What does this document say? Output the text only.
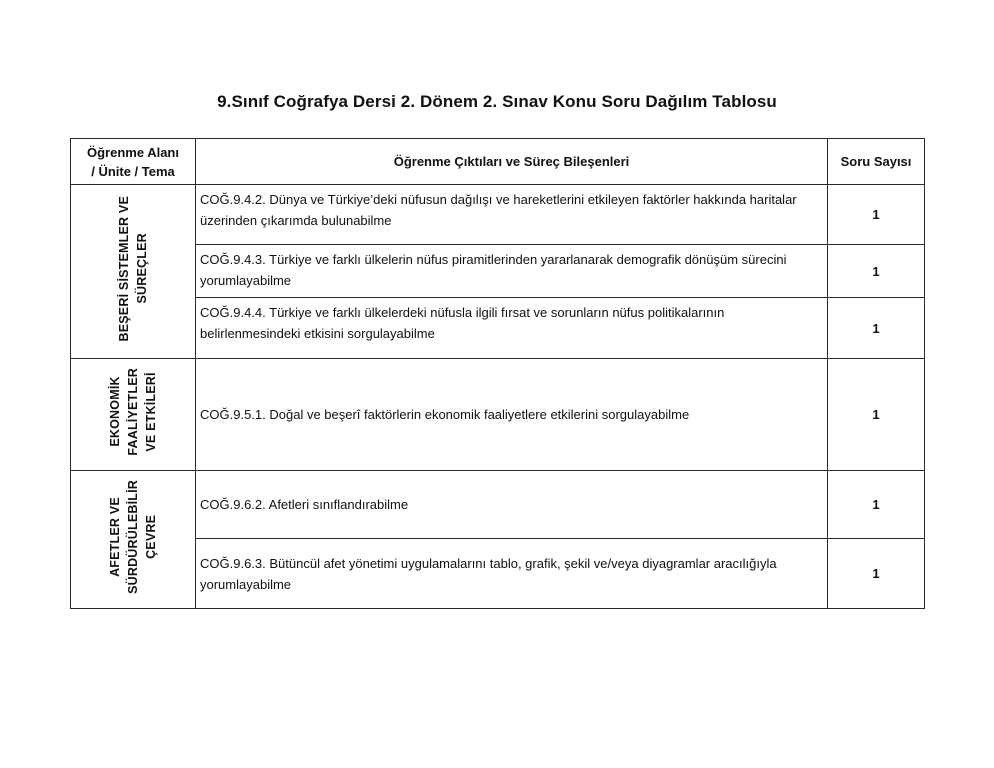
9.Sınıf Coğrafya Dersi 2. Dönem 2. Sınav Konu Soru Dağılım Tablosu
Öğrenme Alanı
/ Ünite / Tema	Öğrenme Çıktıları ve Süreç Bileşenleri	Soru Sayısı
BEŞERİ SİSTEMLER VE
SÜREÇLER	COĞ.9.4.2. Dünya ve Türkiye’deki nüfusun dağılışı ve hareketlerini etkileyen faktörler hakkında haritalar üzerinden çıkarımda bulunabilme	1
	COĞ.9.4.3. Türkiye ve farklı ülkelerin nüfus piramitlerinden yararlanarak demografik dönüşüm sürecini yorumlayabilme	1
	COĞ.9.4.4. Türkiye ve farklı ülkelerdeki nüfusla ilgili fırsat ve sorunların nüfus politikalarının belirlenmesindeki etkisini sorgulayabilme	1
EKONOMİK
FAALİYETLER
VE ETKİLERİ	COĞ.9.5.1. Doğal ve beşerî faktörlerin ekonomik faaliyetlere etkilerini sorgulayabilme	1
AFETLER VE
SÜRDÜRÜLEBİLİR
ÇEVRE	COĞ.9.6.2. Afetleri sınıflandırabilme	1
	COĞ.9.6.3. Bütüncül afet yönetimi uygulamalarını tablo, grafik, şekil ve/veya diyagramlar aracılığıyla yorumlayabilme	1
